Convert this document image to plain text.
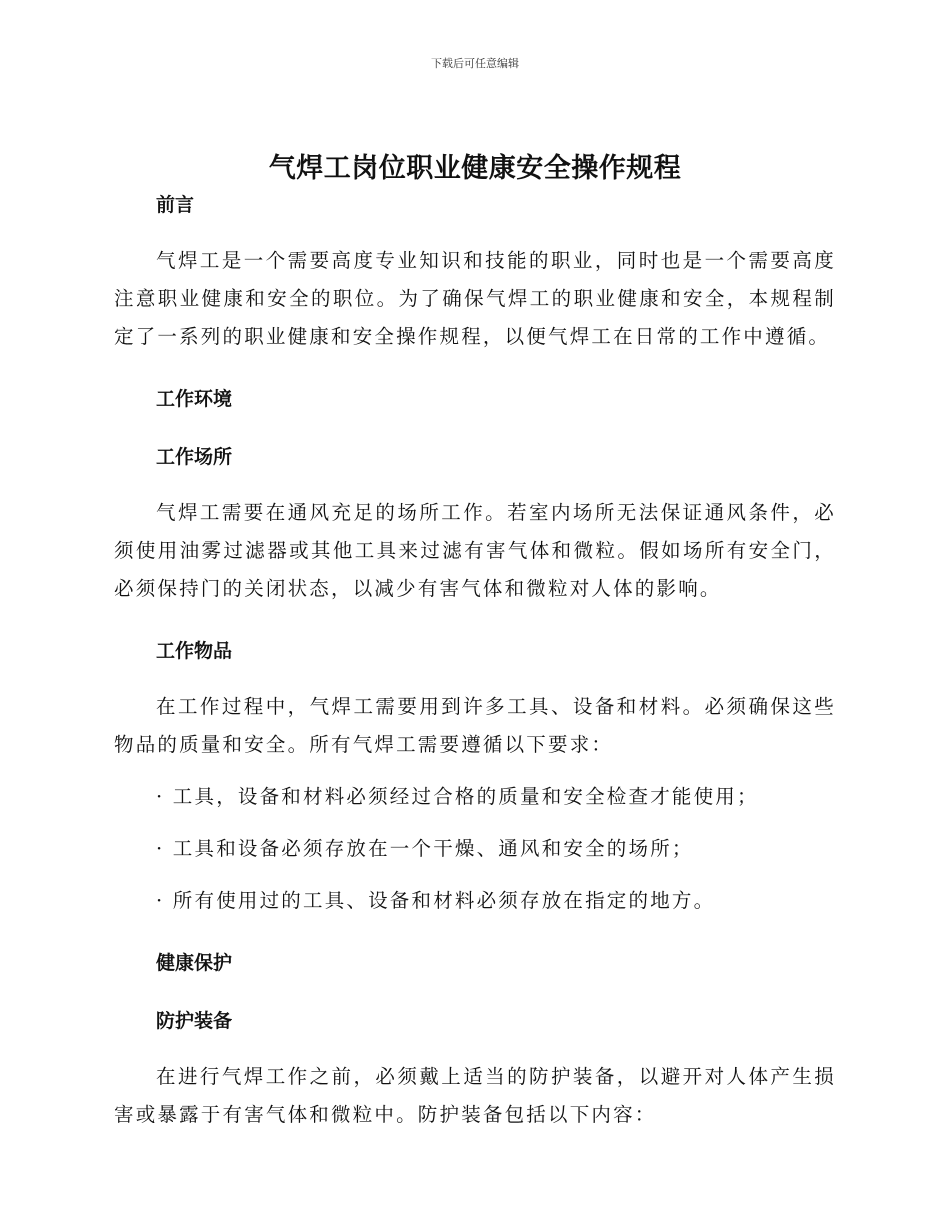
下载后可任意编辑
气焊工岗位职业健康安全操作规程
前言

气焊工是一个需要高度专业知识和技能的职业，同时也是一个需要高度注意职业健康和安全的职位。为了确保气焊工的职业健康和安全，本规程制定了一系列的职业健康和安全操作规程，以便气焊工在日常的工作中遵循。

工作环境
工作场所

气焊工需要在通风充足的场所工作。若室内场所无法保证通风条件，必须使用油雾过滤器或其他工具来过滤有害气体和微粒。假如场所有安全门，必须保持门的关闭状态，以减少有害气体和微粒对人体的影响。

工作物品

在工作过程中，气焊工需要用到许多工具、设备和材料。必须确保这些物品的质量和安全。所有气焊工需要遵循以下要求：

· 工具，设备和材料必须经过合格的质量和安全检查才能使用；

· 工具和设备必须存放在一个干燥、通风和安全的场所；

· 所有使用过的工具、设备和材料必须存放在指定的地方。

健康保护
防护装备

在进行气焊工作之前，必须戴上适当的防护装备，以避开对人体产生损害或暴露于有害气体和微粒中。防护装备包括以下内容：
